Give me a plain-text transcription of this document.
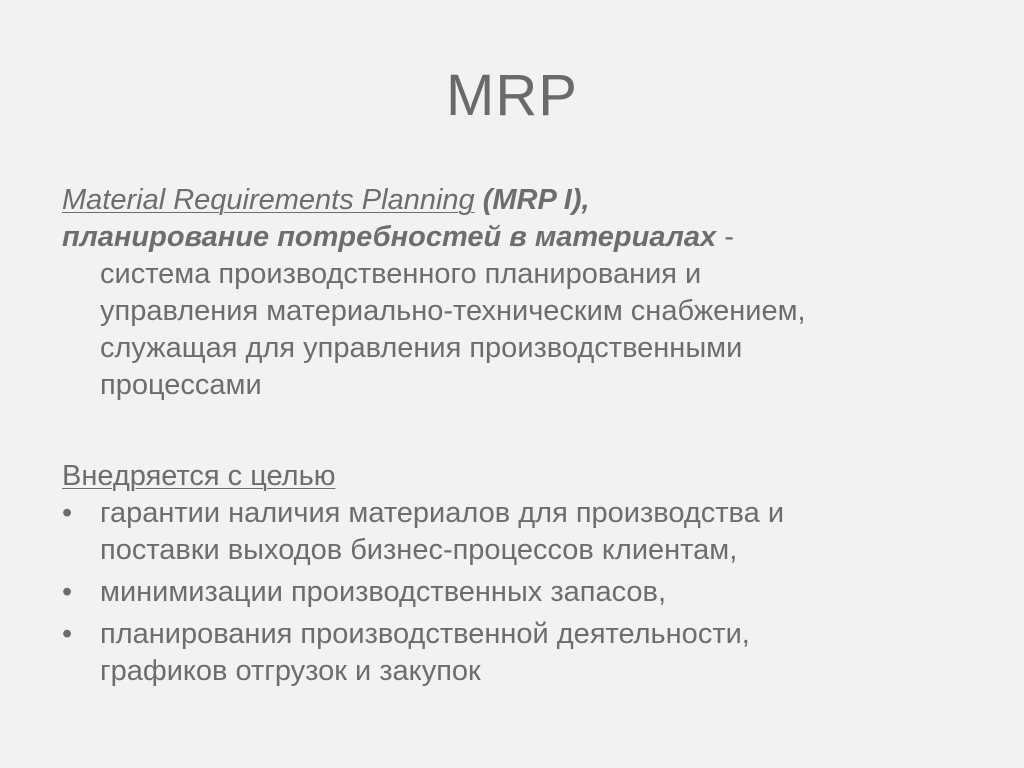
MRP
Material Requirements Planning (MRP I),
планирование потребностей в материалах -
система производственного планирования и
управления материально-техническим снабжением,
служащая для управления производственными
процессами
Внедряется с целью
• гарантии наличия материалов для производства и
поставки выходов бизнес-процессов клиентам,
• минимизации производственных запасов,
• планирования производственной деятельности,
графиков отгрузок и закупок
